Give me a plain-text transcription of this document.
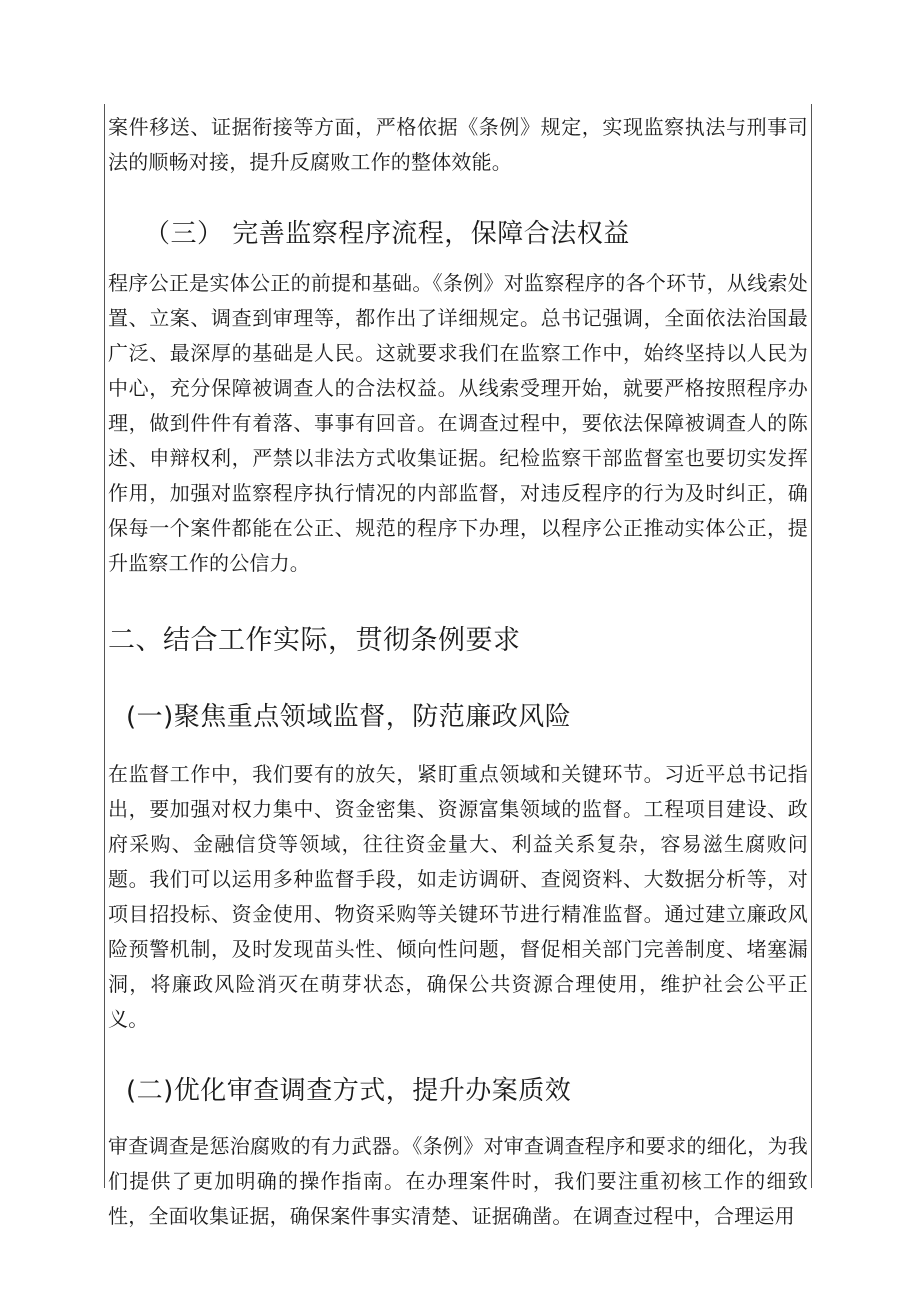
案件移送、证据衔接等方面，严格依据《条例》规定，实现监察执法与刑事司法的顺畅对接，提升反腐败工作的整体效能。

（三） 完善监察程序流程，保障合法权益

程序公正是实体公正的前提和基础。《条例》对监察程序的各个环节，从线索处置、立案、调查到审理等，都作出了详细规定。总书记强调，全面依法治国最广泛、最深厚的基础是人民。这就要求我们在监察工作中，始终坚持以人民为中心，充分保障被调查人的合法权益。从线索受理开始，就要严格按照程序办理，做到件件有着落、事事有回音。在调查过程中，要依法保障被调查人的陈述、申辩权利，严禁以非法方式收集证据。纪检监察干部监督室也要切实发挥作用，加强对监察程序执行情况的内部监督，对违反程序的行为及时纠正，确保每一个案件都能在公正、规范的程序下办理，以程序公正推动实体公正，提升监察工作的公信力。

二、结合工作实际，贯彻条例要求
(一)聚焦重点领域监督，防范廉政风险

在监督工作中，我们要有的放矢，紧盯重点领域和关键环节。习近平总书记指出，要加强对权力集中、资金密集、资源富集领域的监督。工程项目建设、政府采购、金融信贷等领域，往往资金量大、利益关系复杂，容易滋生腐败问题。我们可以运用多种监督手段，如走访调研、查阅资料、大数据分析等，对项目招投标、资金使用、物资采购等关键环节进行精准监督。通过建立廉政风险预警机制，及时发现苗头性、倾向性问题，督促相关部门完善制度、堵塞漏洞，将廉政风险消灭在萌芽状态，确保公共资源合理使用，维护社会公平正义。

(二)优化审查调查方式，提升办案质效

审查调查是惩治腐败的有力武器。《条例》对审查调查程序和要求的细化，为我们提供了更加明确的操作指南。在办理案件时，我们要注重初核工作的细致性，全面收集证据，确保案件事实清楚、证据确凿。在调查过程中，合理运用
